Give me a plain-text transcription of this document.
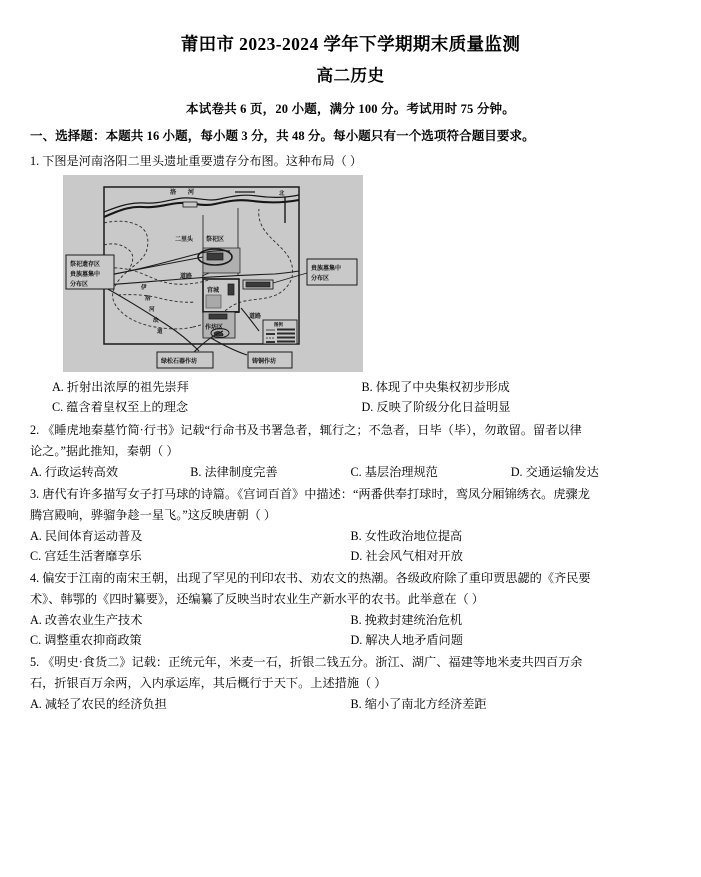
莆田市 2023-2024 学年下学期期末质量监测
高二历史
本试卷共 6 页，20 小题，满分 100 分。考试用时 75 分钟。
一、选择题：本题共 16 小题，每小题 3 分，共 48 分。每小题只有一个选项符合题目要求。
1. 下图是河南洛阳二里头遗址重要遗存分布图。这种布局（ ）
北
洛 河
二里头 祭祀区
道路
宫城
作坊区
道路
伊
洛
河
故
道
图例
祭祀遗存区
贵族墓集中
分布区
贵族墓集中
分布区
绿松石器作坊	铸铜作坊
A. 折射出浓厚的祖先崇拜	B. 体现了中央集权初步形成
C. 蕴含着皇权至上的理念	D. 反映了阶级分化日益明显
2. 《睡虎地秦墓竹简·行书》记载“行命书及书署急者，辄行之；不急者，日毕（毕），勿敢留。留者以律
论之。”据此推知，秦朝（ ）
A. 行政运转高效	B. 法律制度完善	C. 基层治理规范	D. 交通运输发达
3. 唐代有许多描写女子打马球的诗篇。《宫词百首》中描述：“两番供奉打球时，鸾凤分厢锦绣衣。虎骤龙
腾宫殿响，骅骝争趁一星飞。”这反映唐朝（ ）
A. 民间体育运动普及	B. 女性政治地位提高
C. 宫廷生活奢靡享乐	D. 社会风气相对开放
4. 偏安于江南的南宋王朝，出现了罕见的刊印农书、劝农文的热潮。各级政府除了重印贾思勰的《齐民要
术》、韩鄂的《四时纂要》，还编纂了反映当时农业生产新水平的农书。此举意在（ ）
A. 改善农业生产技术	B. 挽救封建统治危机
C. 调整重农抑商政策	D. 解决人地矛盾问题
5. 《明史·食货二》记载：正统元年，米麦一石，折银二钱五分。浙江、湖广、福建等地米麦共四百万余
石，折银百万余两，入内承运库，其后概行于天下。上述措施（ ）
A. 减轻了农民的经济负担	B. 缩小了南北方经济差距
